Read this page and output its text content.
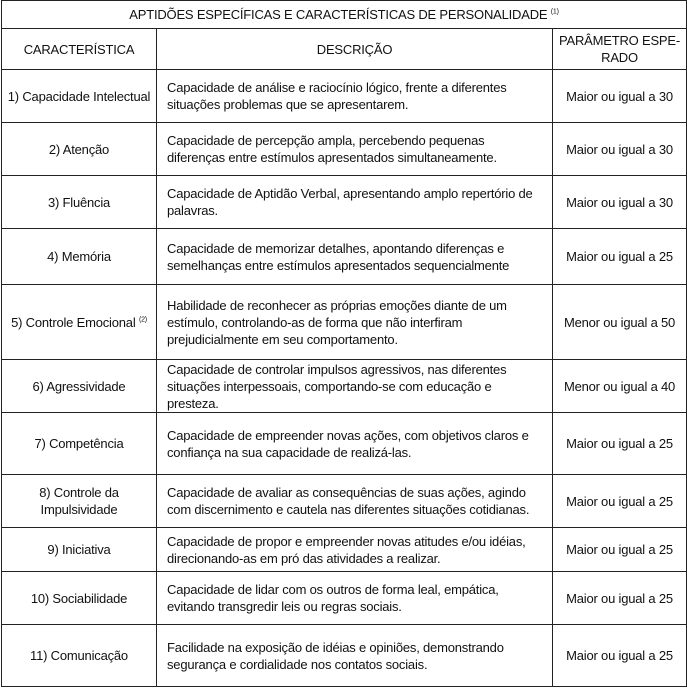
APTIDÕES ESPECÍFICAS E CARACTERÍSTICAS DE PERSONALIDADE $^{(1)}$
CARACTERÍSTICA	DESCRIÇÃO	PARÂMETRO ESPE-
RADO
1) Capacidade Intelectual	Capacidade de análise e raciocínio lógico, frente a diferentes situações problemas que se apresentarem.	Maior ou igual a 30
2) Atenção	Capacidade de percepção ampla, percebendo pequenas diferenças entre estímulos apresentados simultaneamente.	Maior ou igual a 30
3) Fluência	Capacidade de Aptidão Verbal, apresentando amplo repertório de palavras.	Maior ou igual a 30
4) Memória	Capacidade de memorizar detalhes, apontando diferenças e semelhanças entre estímulos apresentados sequencialmente	Maior ou igual a 25
5) Controle Emocional $^{(2)}$	Habilidade de reconhecer as próprias emoções diante de um estímulo, controlando-as de forma que não interfiram prejudicialmente em seu comportamento.	Menor ou igual a 50
6) Agressividade	Capacidade de controlar impulsos agressivos, nas diferentes situações interpessoais, comportando-se com educação e presteza.	Menor ou igual a 40
7) Competência	Capacidade de empreender novas ações, com objetivos claros e confiança na sua capacidade de realizá-las.	Maior ou igual a 25
8) Controle da Impulsividade	Capacidade de avaliar as consequências de suas ações, agindo com discernimento e cautela nas diferentes situações cotidianas.	Maior ou igual a 25
9) Iniciativa	Capacidade de propor e empreender novas atitudes e/ou idéias, direcionando-as em pró das atividades a realizar.	Maior ou igual a 25
10) Sociabilidade	Capacidade de lidar com os outros de forma leal, empática, evitando transgredir leis ou regras sociais.	Maior ou igual a 25
11) Comunicação	Facilidade na exposição de idéias e opiniões, demonstrando segurança e cordialidade nos contatos sociais.	Maior ou igual a 25
